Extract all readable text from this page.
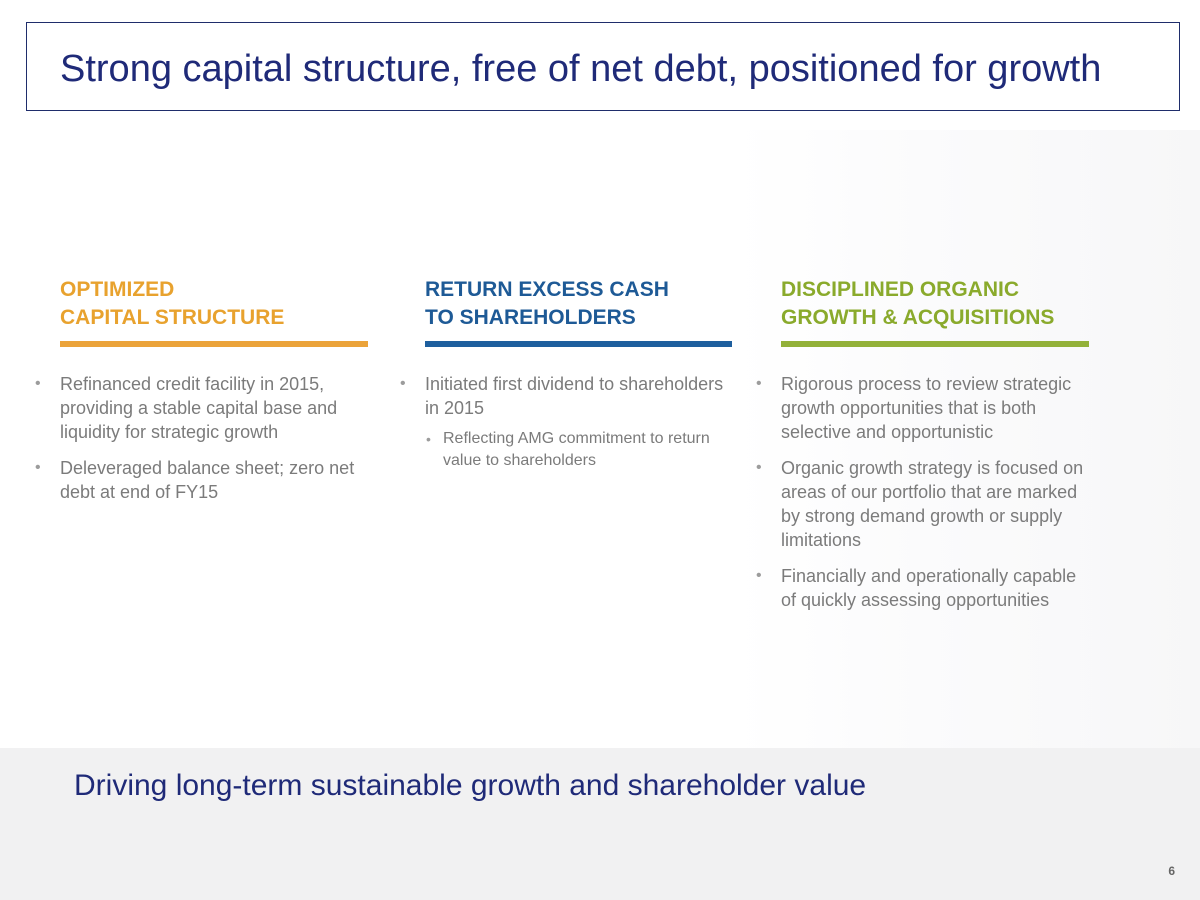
Strong capital structure, free of net debt, positioned for growth
OPTIMIZED
CAPITAL STRUCTURE
• Refinanced credit facility in 2015, providing a stable capital base and liquidity for strategic growth
• Deleveraged balance sheet; zero net debt at end of FY15
RETURN EXCESS CASH
TO SHAREHOLDERS
• Initiated first dividend to shareholders in 2015
• Reflecting AMG commitment to return value to shareholders
DISCIPLINED ORGANIC
GROWTH & ACQUISITIONS
• Rigorous process to review strategic growth opportunities that is both selective and opportunistic
• Organic growth strategy is focused on areas of our portfolio that are marked by strong demand growth or supply limitations
• Financially and operationally capable of quickly assessing opportunities

Driving long-term sustainable growth and shareholder value

6
